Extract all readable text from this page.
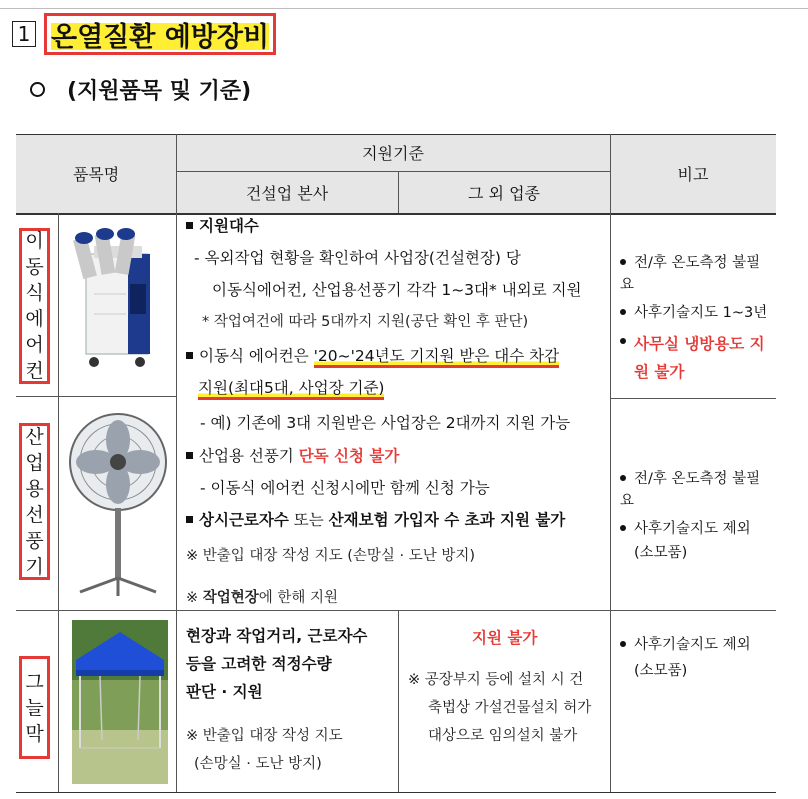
1 온열질환 예방장비
(지원품목 및 기준)
품목명
지원기준
건설업 본사	그 외 업종
비고
이동식에어컨
산업용선풍기
그늘막
지원대수
- 옥외작업 현황을 확인하여 사업장(건설현장) 당
이동식에어컨, 산업용선풍기 각각 1~3대* 내외로 지원
* 작업여건에 따라 5대까지 지원(공단 확인 후 판단)
이동식 에어컨은 '20~'24년도 기지원 받은 대수 차감
지원(최대5대, 사업장 기준)
- 예) 기존에 3대 지원받은 사업장은 2대까지 지원 가능
산업용 선풍기 단독 신청 불가
- 이동식 에어컨 신청시에만 함께 신청 가능
상시근로자수 또는 산재보험 가입자 수 초과 지원 불가
※ 반출입 대장 작성 지도 (손망실 · 도난 방지)
※ 작업현장에 한해 지원
현장과 작업거리, 근로자수
등을 고려한 적정수량
판단 · 지원
※ 반출입 대장 작성 지도
(손망실 · 도난 방지)
지원 불가
※ 공장부지 등에 설치 시 건
축법상 가설건물설치 허가
대상으로 임의설치 불가
전/후 온도측정 불필요
사후기술지도 1~3년
사무실 냉방용도 지원 불가
전/후 온도측정 불필요
사후기술지도 제외
(소모품)
사후기술지도 제외
(소모품)
